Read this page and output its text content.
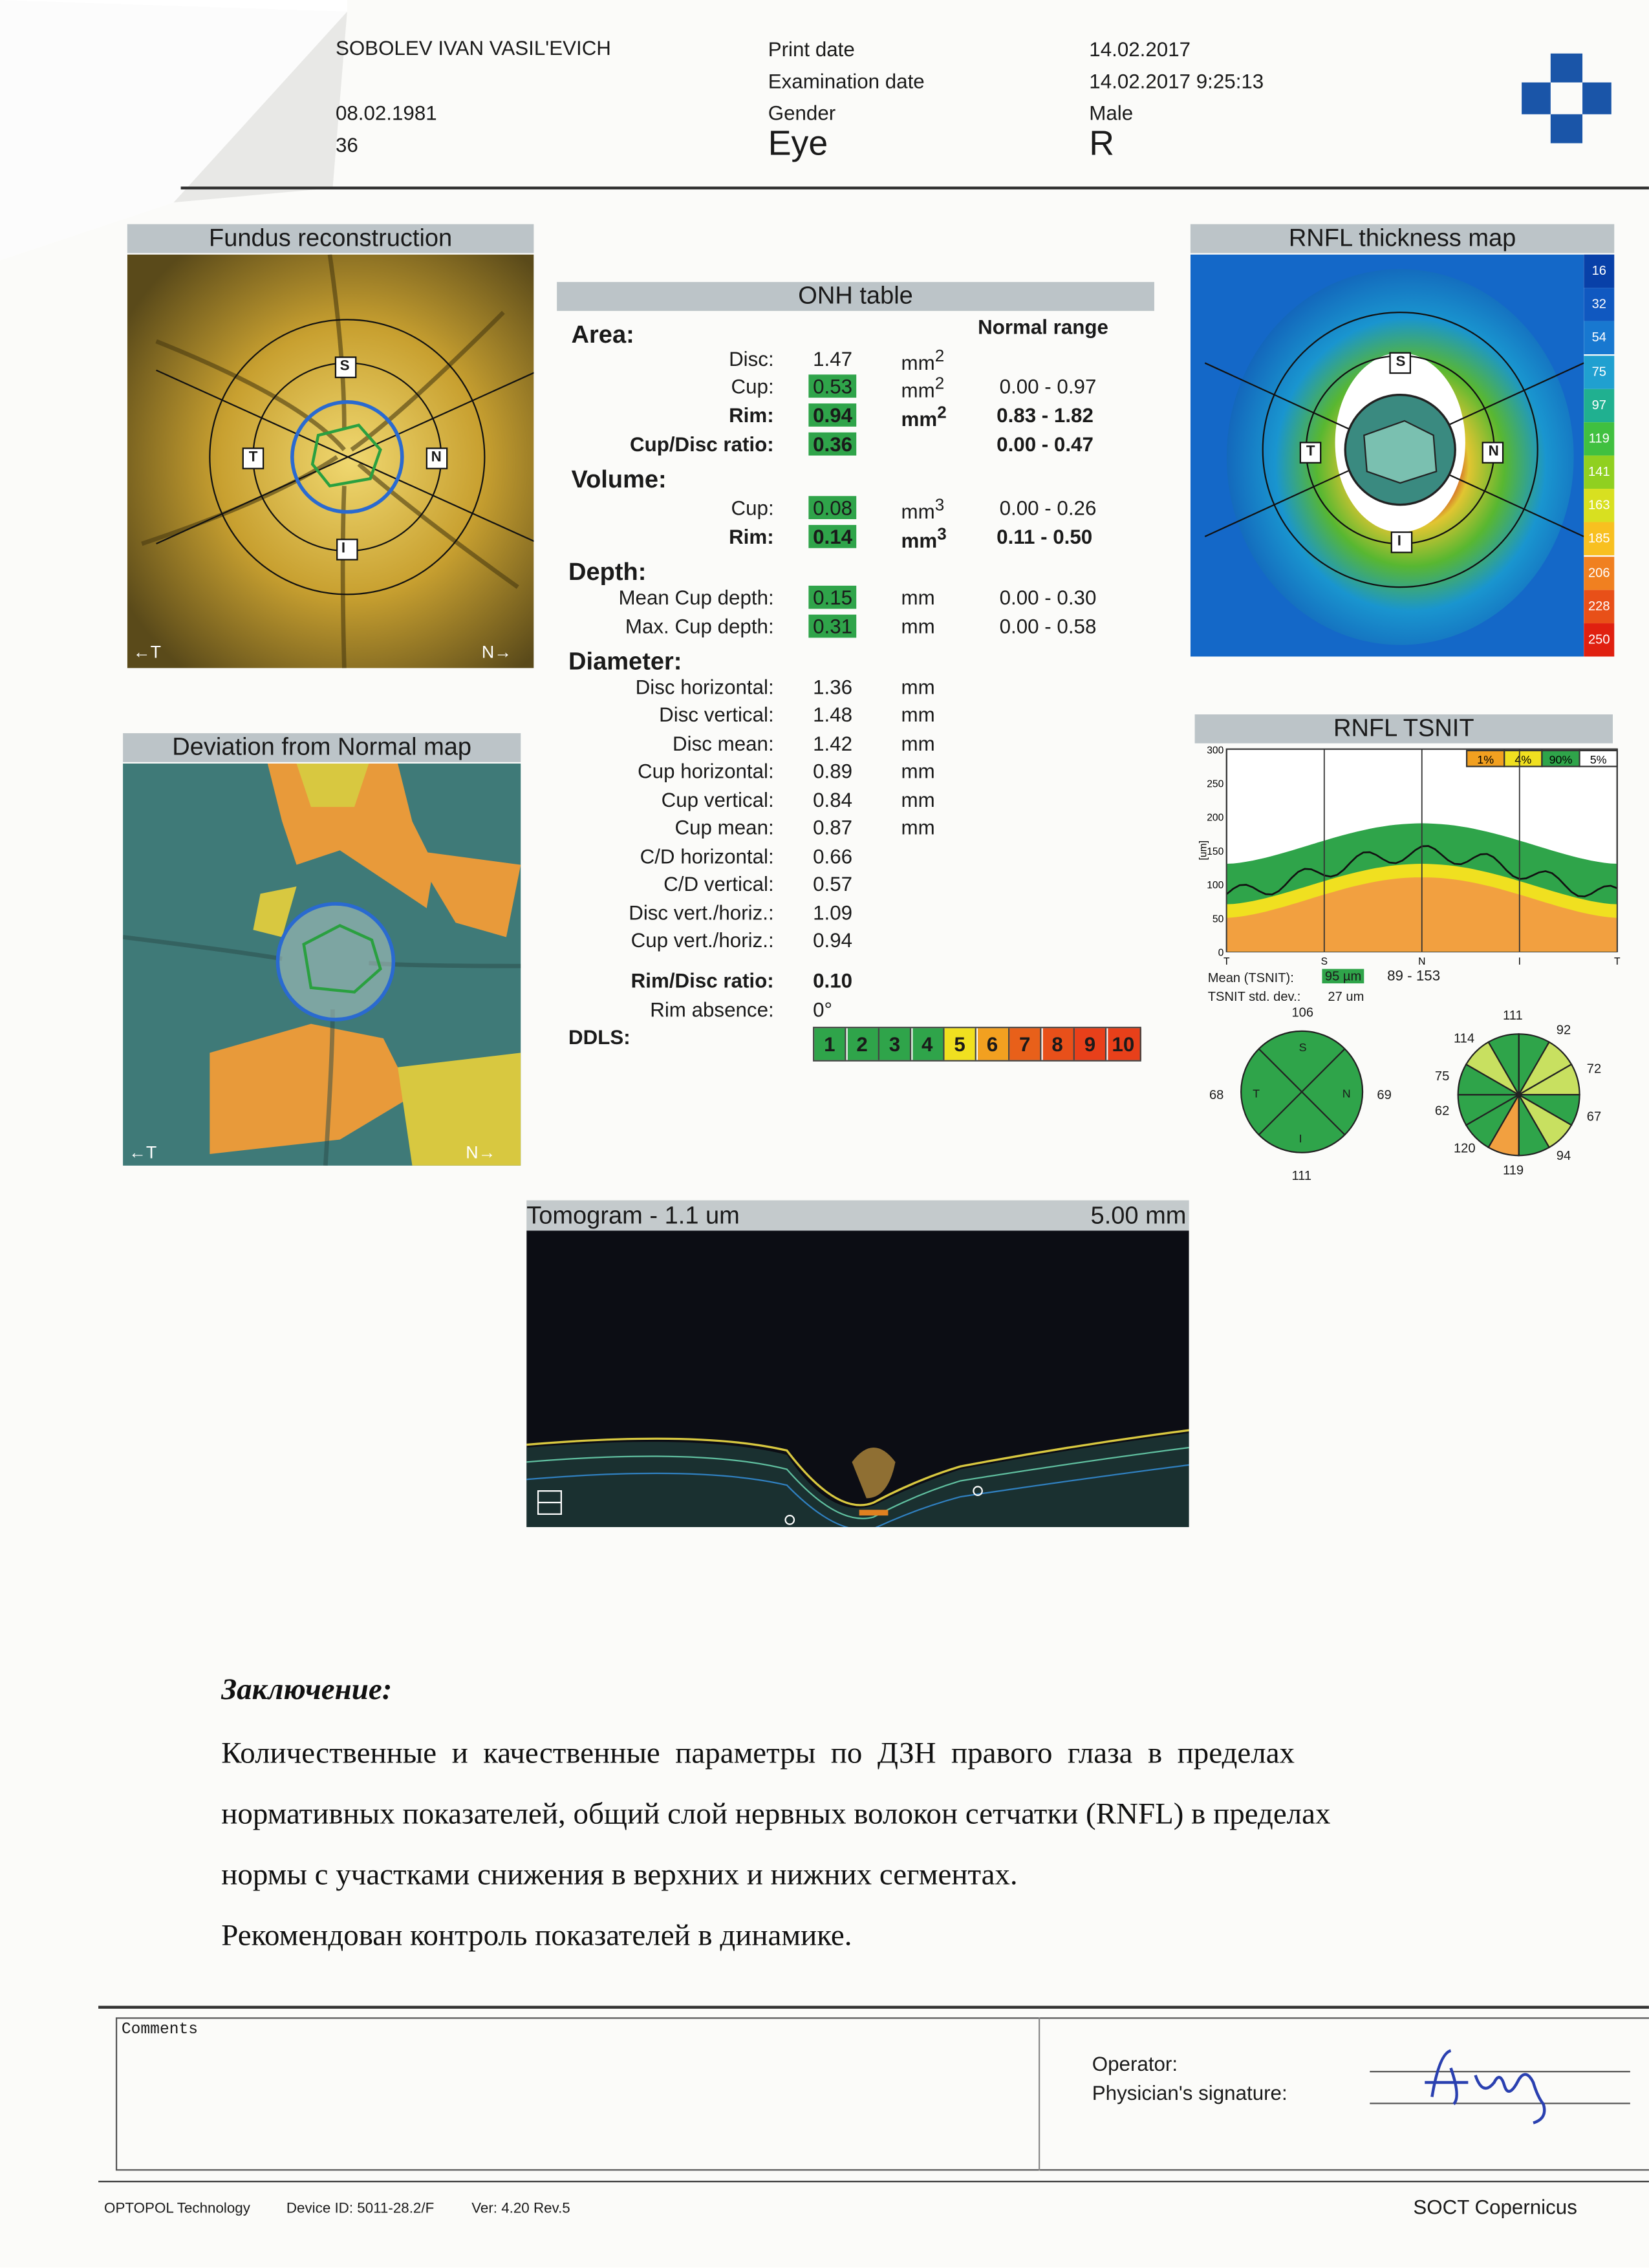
SOBOLEV IVAN VASIL'EVICH
08.02.1981
36
Print date
Examination date
Gender
Eye
14.02.2017
14.02.2017 9:25:13
Male
R
Fundus reconstruction
S
T	N
I
←T	N→
Deviation from Normal map
←T	N→
ONH table
Normal range
Area:
Disc:	1.47	$mm^2$
Cup:	0.53	$mm^2$	0.00 - 0.97
Rim:	0.94	$mm^2$	0.83 - 1.82
Cup/Disc ratio:	0.36	0.00 - 0.47
Volume:
Cup:	0.08	$mm^3$	0.00 - 0.26
Rim:	0.14	$mm^3$	0.11 - 0.50
Depth:
Mean Cup depth:	0.15	mm	0.00 - 0.30
Max. Cup depth:	0.31	mm	0.00 - 0.58
Diameter:
Disc horizontal:	1.36	mm
Disc vertical:	1.48	mm
Disc mean:	1.42	mm
Cup horizontal:	0.89	mm
Cup vertical:	0.84	mm
Cup mean:	0.87	mm
C/D horizontal:	0.66
C/D vertical:	0.57
Disc vert./horiz.:	1.09
Cup vert./horiz.:	0.94
Rim/Disc ratio:	0.10
Rim absence:	0°
DDLS:	1	2	3	4	5	6	7	8	9	10
RNFL thickness map
S
T	N
I
16
32
54
75
97
119
141
163
185
206
228
250
RNFL TSNIT
1%	4%	90%	5%
300
250
200
150
100
50
0
[um]
T	S	N	I	T
Mean (TSNIT):	95 µm	89 - 153
TSNIT std. dev.:	27 um
106
68	69
111
S
T	N
I
111
92
72
67
94
119
120
62
75
114
Tomogram - 1.1 um	5.00 mm
Заключение:
Количественные  и  качественные  параметры  по  ДЗН  правого  глаза  в  пределах
нормативных показателей, общий слой нервных волокон сетчатки (RNFL) в пределах
нормы с участками снижения в верхних и нижних сегментах.
Рекомендован контроль показателей в динамике.
Comments
Operator:
Physician's signature:
OPTOPOL Technology	Device ID: 5011-28.2/F	Ver: 4.20 Rev.5	SOCT Copernicus
